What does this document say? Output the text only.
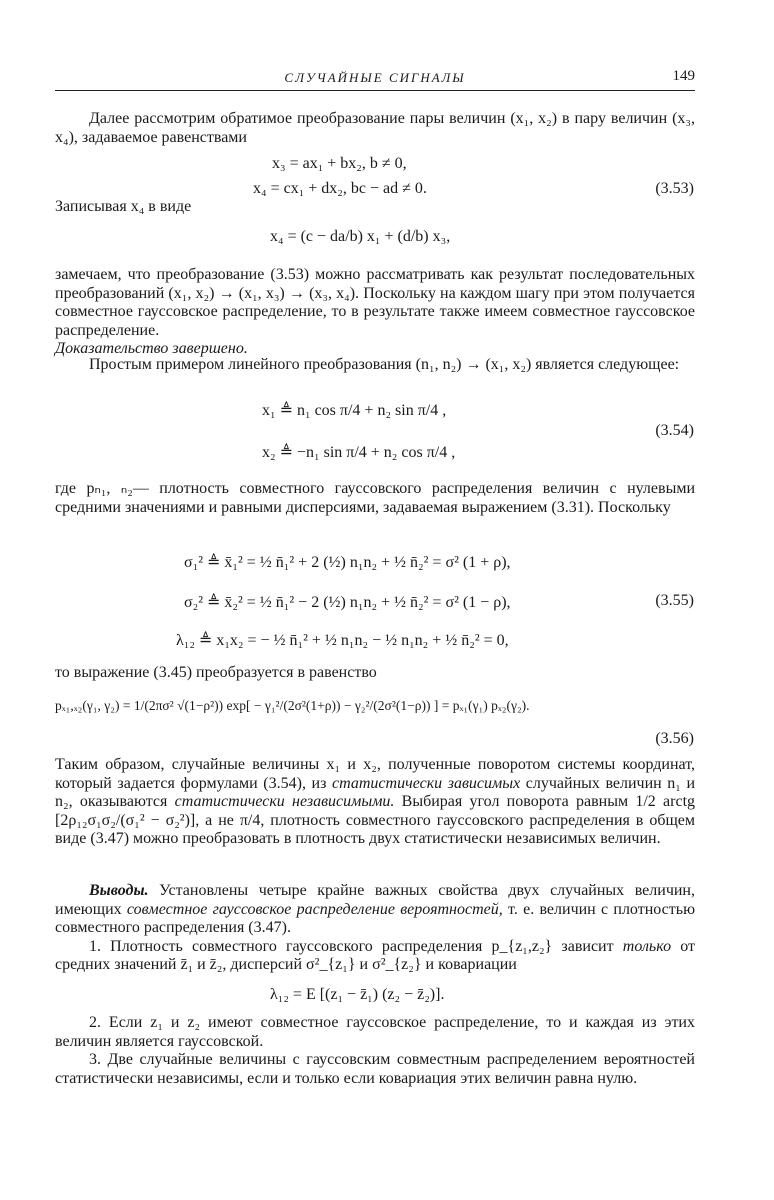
СЛУЧАЙНЫЕ СИГНАЛЫ	149

Далее рассмотрим обратимое преобразование пары величин (x₁, x₂) в пару величин (x₃, x₄), задаваемое равенствами

x₃ = ax₁ + bx₂, b ≠ 0,
x₄ = cx₁ + dx₂, bc − ad ≠ 0.	(3.53)

Записывая x₄ в виде

x₄ = (c − da/b) x₁ + (d/b) x₃,

замечаем, что преобразование (3.53) можно рассматривать как результат последовательных преобразований (x₁, x₂) → (x₁, x₃) → (x₃, x₄). Поскольку на каждом шагу при этом получается совместное гауссовское распределение, то в результате также имеем совместное гауссовское распределение.

Доказательство завершено.

Простым примером линейного преобразования (n₁, n₂) → (x₁, x₂) является следующее:

x₁ ≜ n₁ cos π/4 + n₂ sin π/4 ,
x₂ ≜ −n₁ sin π/4 + n₂ cos π/4 ,
(3.54)

где pₙ₁, ₙ₂— плотность совместного гауссовского распределения величин с нулевыми средними значениями и равными дисперсиями, задаваемая выражением (3.31). Поскольку

σ₁² ≜ x̄₁² = ½ n̄₁² + 2 (½) n₁n₂ + ½ n̄₂² = σ² (1 + ρ),
σ₂² ≜ x̄₂² = ½ n̄₁² − 2 (½) n₁n₂ + ½ n̄₂² = σ² (1 − ρ),
λ₁₂ ≜ x₁x₂ = − ½ n̄₁² + ½ n₁n₂ − ½ n₁n₂ + ½ n̄₂² = 0,
(3.55)

то выражение (3.45) преобразуется в равенство

pₓ₁,ₓ₂(γ₁, γ₂) = 1/(2πσ² √(1−ρ²)) exp[ − γ₁²/(2σ²(1+ρ)) − γ₂²/(2σ²(1−ρ)) ] = pₓ₁(γ₁) pₓ₂(γ₂).
(3.56)

Таким образом, случайные величины x₁ и x₂, полученные поворотом системы координат, который задается формулами (3.54), из статистически зависимых случайных величин n₁ и n₂, оказываются статистически независимыми. Выбирая угол поворота равным 1/2 arctg [2ρ₁₂σ₁σ₂/(σ₁² − σ₂²)], а не π/4, плотность совместного гауссовского распределения в общем виде (3.47) можно преобразовать в плотность двух статистически независимых величин.

Выводы. Установлены четыре крайне важных свойства двух случайных величин, имеющих совместное гауссовское распределение вероятностей, т. е. величин с плотностью совместного распределения (3.47).

1. Плотность совместного гауссовского распределения p_{z₁,z₂} зависит только от средних значений z̄₁ и z̄₂, дисперсий σ²_{z₁} и σ²_{z₂} и ковариации

λ₁₂ = E [(z₁ − z̄₁) (z₂ − z̄₂)].

2. Если z₁ и z₂ имеют совместное гауссовское распределение, то и каждая из этих величин является гауссовской.

3. Две случайные величины с гауссовским совместным распределением вероятностей статистически независимы, если и только если ковариация этих величин равна нулю.
